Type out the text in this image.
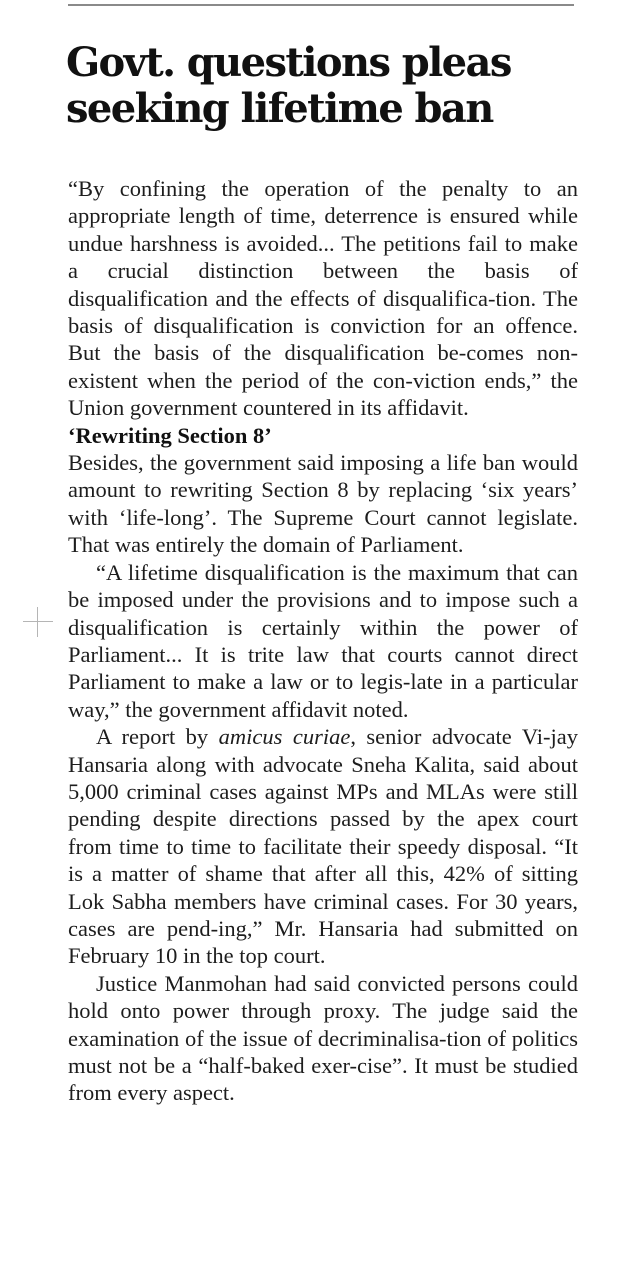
Govt. questions pleas seeking lifetime ban

“By confining the operation of the penalty to an appropriate length of time, deterrence is ensured while undue harshness is avoided... The petitions fail to make a crucial distinction between the basis of disqualification and the effects of disqualifica-tion. The basis of disqualification is conviction for an offence. But the basis of the disqualification be-comes non-existent when the period of the con-viction ends,” the Union government countered in its affidavit.

‘Rewriting Section 8’

Besides, the government said imposing a life ban would amount to rewriting Section 8 by replacing ‘six years’ with ‘life-long’. The Supreme Court cannot legislate. That was entirely the domain of Parliament.

“A lifetime disqualification is the maximum that can be imposed under the provisions and to impose such a disqualification is certainly within the power of Parliament... It is trite law that courts cannot direct Parliament to make a law or to legis-late in a particular way,” the government affidavit noted.

A report by amicus curiae, senior advocate Vi-jay Hansaria along with advocate Sneha Kalita, said about 5,000 criminal cases against MPs and MLAs were still pending despite directions passed by the apex court from time to time to facilitate their speedy disposal. “It is a matter of shame that after all this, 42% of sitting Lok Sabha members have criminal cases. For 30 years, cases are pend-ing,” Mr. Hansaria had submitted on February 10 in the top court.

Justice Manmohan had said convicted persons could hold onto power through proxy. The judge said the examination of the issue of decriminalisa-tion of politics must not be a “half-baked exer-cise”. It must be studied from every aspect.
